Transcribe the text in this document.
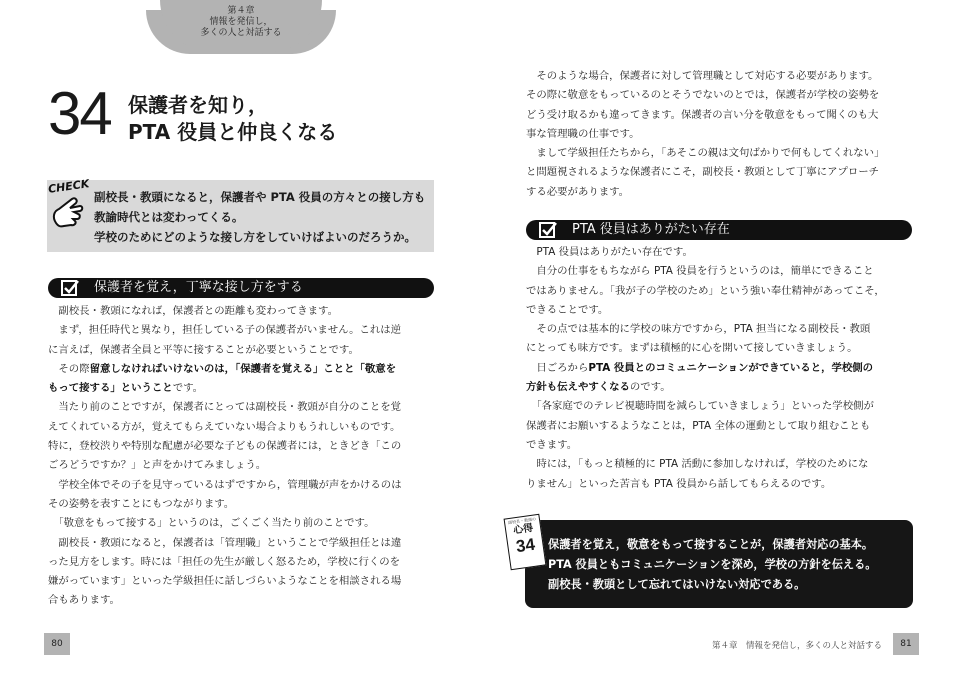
第４章
情報を発信し，
多くの人と対話する
34 保護者を知り，
PTA 役員と仲良くなる
CHECK
副校長・教頭になると，保護者や PTA 役員の方々との接し方も
教諭時代とは変わってくる。
学校のためにどのような接し方をしていけばよいのだろうか。
保護者を覚え，丁寧な接し方をする
　副校長・教頭になれば，保護者との距離も変わってきます。
　まず，担任時代と異なり，担任している子の保護者がいません。これは逆
に言えば，保護者全員と平等に接することが必要ということです。
　その際留意しなければいけないのは，「保護者を覚える」ことと「敬意を
もって接する」ということです。
　当たり前のことですが，保護者にとっては副校長・教頭が自分のことを覚
えてくれている方が，覚えてもらえていない場合よりもうれしいものです。
特に，登校渋りや特別な配慮が必要な子どもの保護者には，ときどき「この
ごろどうですか？」と声をかけてみましょう。
　学校全体でその子を見守っているはずですから，管理職が声をかけるのは
その姿勢を表すことにもつながります。
　「敬意をもって接する」というのは，ごくごく当たり前のことです。
　副校長・教頭になると，保護者は「管理職」ということで学級担任とは違
った見方をします。時には「担任の先生が厳しく怒るため，学校に行くのを
嫌がっています」といった学級担任に話しづらいようなことを相談される場
合もあります。
80
　そのような場合，保護者に対して管理職として対応する必要があります。
その際に敬意をもっているのとそうでないのとでは，保護者が学校の姿勢を
どう受け取るかも違ってきます。保護者の言い分を敬意をもって聞くのも大
事な管理職の仕事です。
　まして学級担任たちから，「あそこの親は文句ばかりで何もしてくれない」
と問題視されるような保護者にこそ，副校長・教頭として丁寧にアプローチ
する必要があります。
PTA 役員はありがたい存在
　PTA 役員はありがたい存在です。
　自分の仕事をもちながら PTA 役員を行うというのは，簡単にできること
ではありません。「我が子の学校のため」という強い奉仕精神があってこそ，
できることです。
　その点では基本的に学校の味方ですから，PTA 担当になる副校長・教頭
にとっても味方です。まずは積極的に心を開いて接していきましょう。
　日ごろからPTA 役員とのコミュニケーションができていると，学校側の
方針も伝えやすくなるのです。
　「各家庭でのテレビ視聴時間を減らしていきましょう」といった学校側が
保護者にお願いするようなことは，PTA 全体の運動として取り組むことも
できます。
　時には，「もっと積極的に PTA 活動に参加しなければ，学校のためにな
りません」といった苦言も PTA 役員から話してもらえるのです。
副校長・教頭の
心得
34	保護者を覚え，敬意をもって接することが，保護者対応の基本。
PTA 役員ともコミュニケーションを深め，学校の方針を伝える。
副校長・教頭として忘れてはいけない対応である。
第４章　情報を発信し，多くの人と対話する	81
